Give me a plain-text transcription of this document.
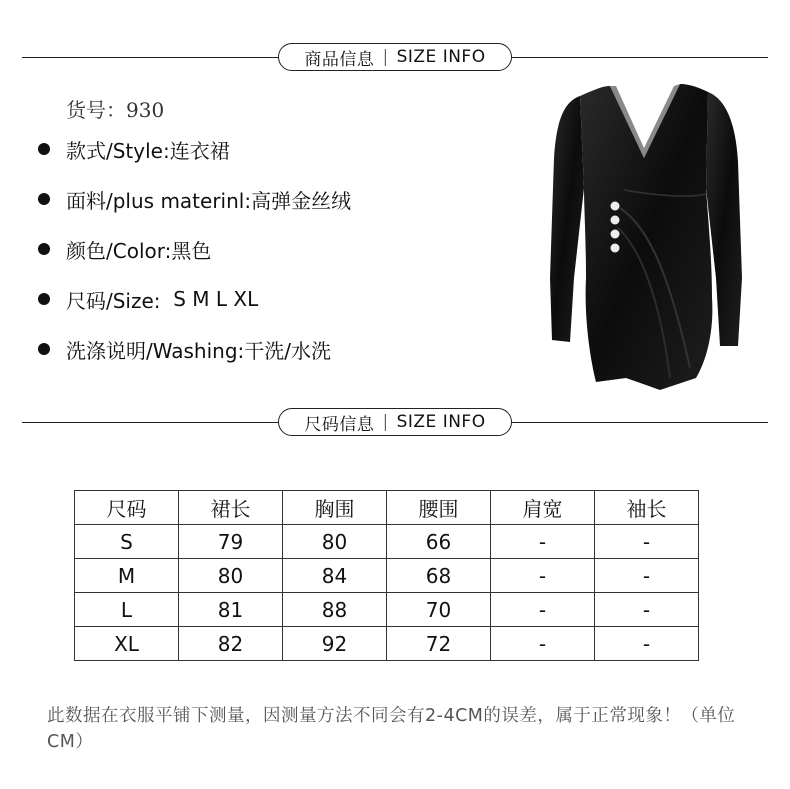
商品信息 | SIZE INFO
货号：930
款式/Style: 连衣裙
面料/plus materinl: 高弹金丝绒
颜色/Color: 黑色
尺码/Size: S M L XL
洗涤说明/Washing: 干洗/水洗
尺码信息 | SIZE INFO
尺码	裙长	胸围	腰围	肩宽	袖长
S	79	80	66	-	-
M	80	84	68	-	-
L	81	88	70	-	-
XL	82	92	72	-	-
此数据在衣服平铺下测量，因测量方法不同会有2-4CM的误差，属于正常现象！（单位CM）
